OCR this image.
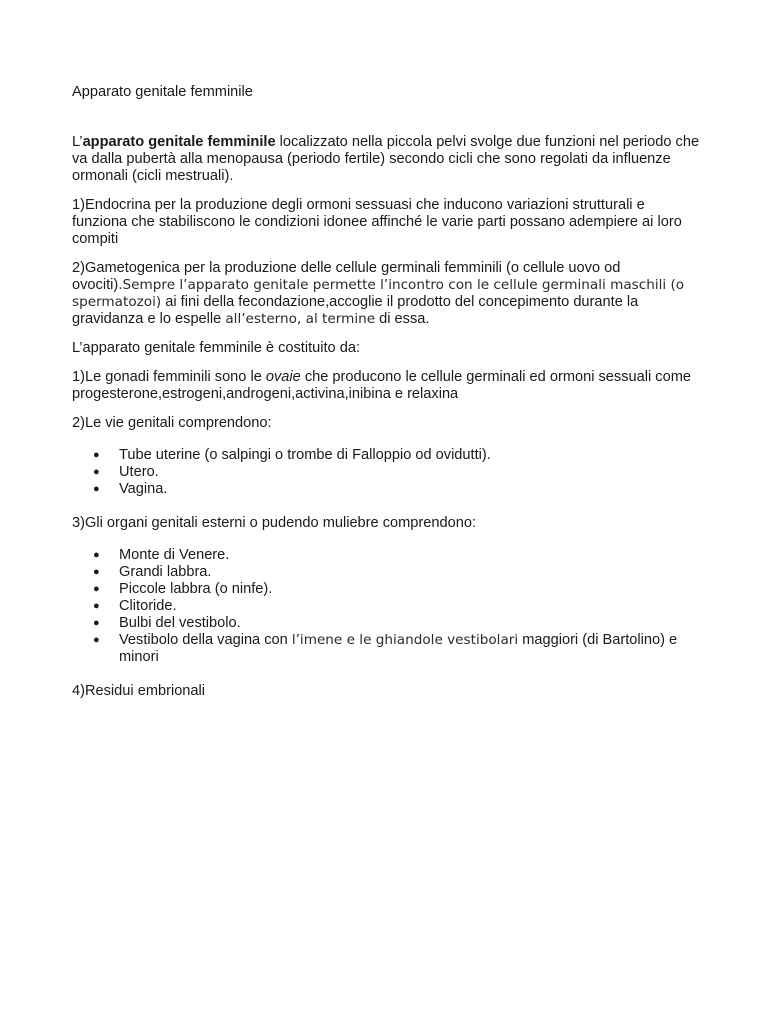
Apparato genitale femminile

L’apparato genitale femminile localizzato nella piccola pelvi svolge due funzioni nel periodo che va dalla pubertà alla menopausa (periodo fertile) secondo cicli che sono regolati da influenze ormonali (cicli mestruali).

1)Endocrina per la produzione degli ormoni sessuasi che inducono variazioni strutturali e funziona che stabiliscono le condizioni idonee affinché le varie parti possano adempiere ai loro compiti

2)Gametogenica per la produzione delle cellule germinali femminili (o cellule uovo od ovociti).Sempre l’apparato genitale permette l’incontro con le cellule germinali maschili (o spermatozoi) ai fini della fecondazione,accoglie il prodotto del concepimento durante la gravidanza e lo espelle all’esterno, al termine di essa.

L’apparato genitale femminile è costituito da:

1)Le gonadi femminili sono le ovaie che producono le cellule germinali ed ormoni sessuali come progesterone,estrogeni,androgeni,activina,inibina e relaxina

2)Le vie genitali comprendono:

● Tube uterine (o salpingi o trombe di Falloppio od ovidutti).
● Utero.
● Vagina.

3)Gli organi genitali esterni o pudendo muliebre comprendono:

● Monte di Venere.
● Grandi labbra.
● Piccole labbra (o ninfe).
● Clitoride.
● Bulbi del vestibolo.
● Vestibolo della vagina con l’imene e le ghiandole vestibolari maggiori (di Bartolino) e minori

4)Residui embrionali
